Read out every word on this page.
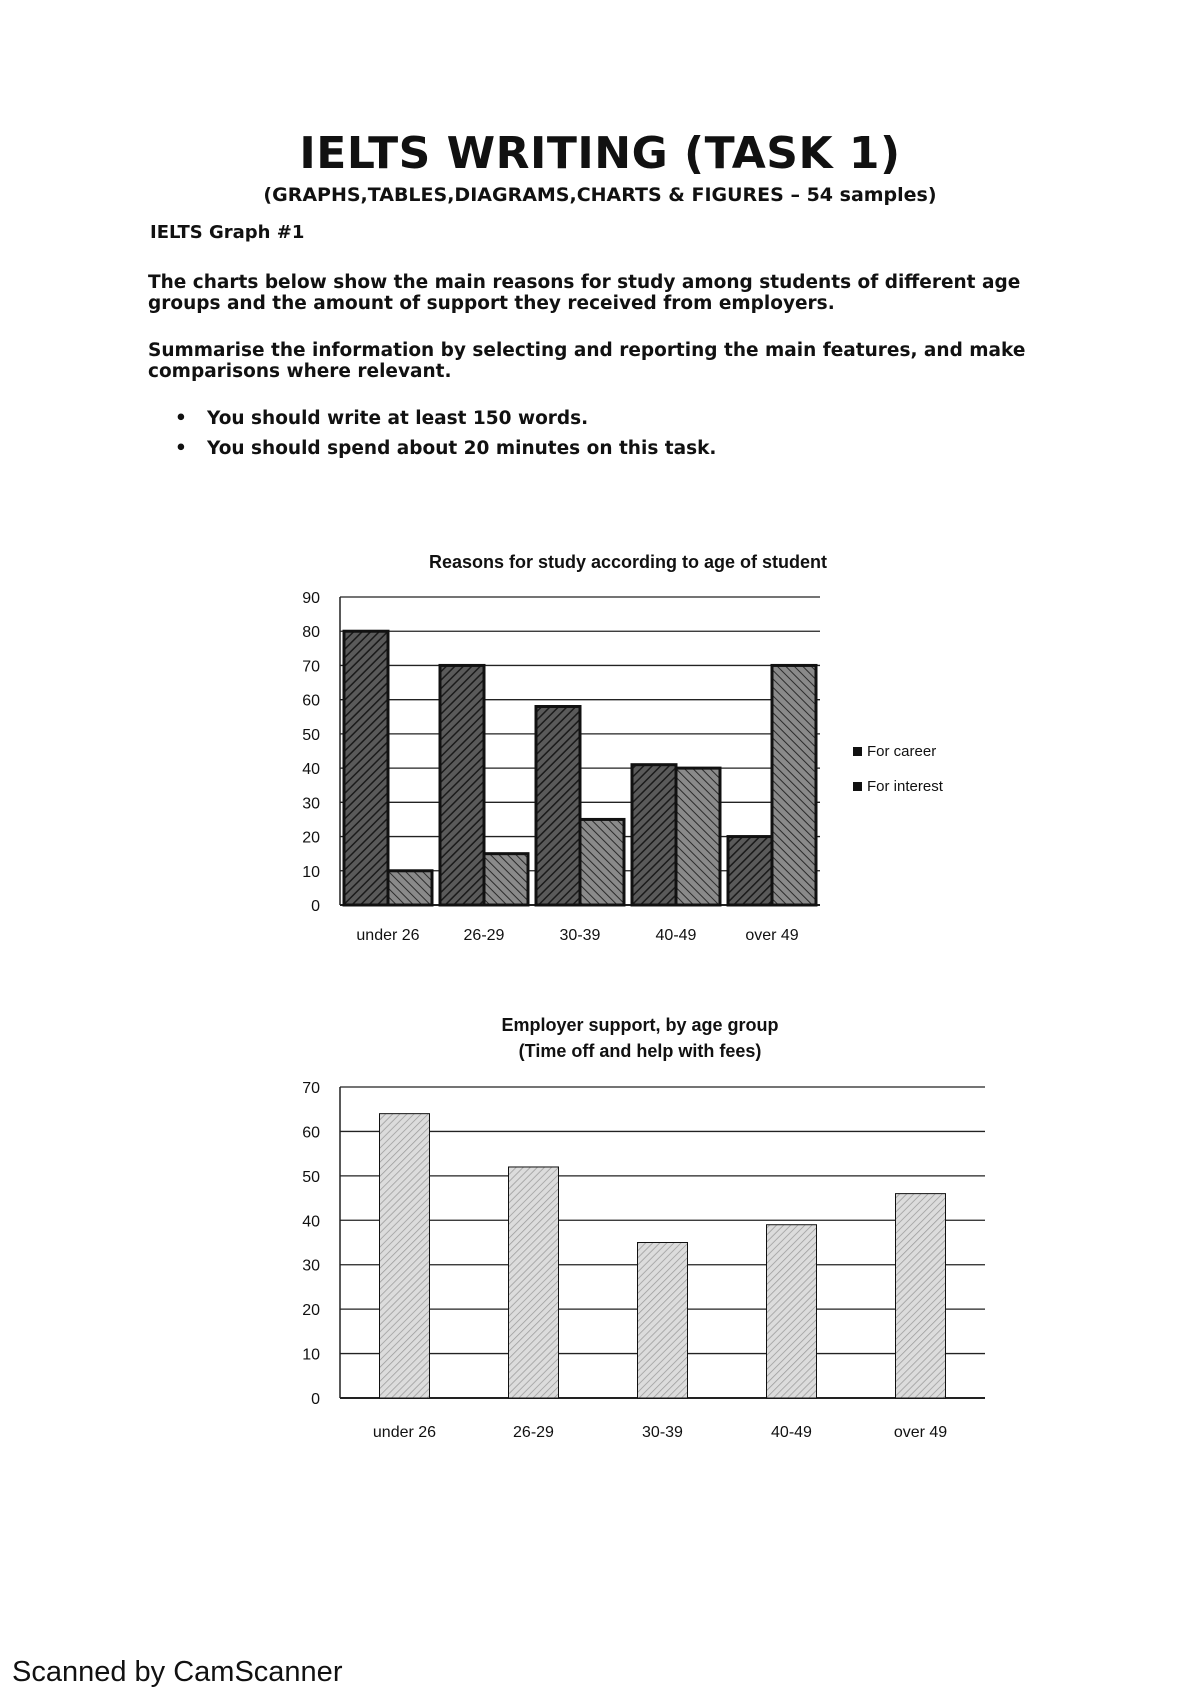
IELTS WRITING (TASK 1)

(GRAPHS,TABLES,DIAGRAMS,CHARTS & FIGURES – 54 samples)

IELTS Graph #1

The charts below show the main reasons for study among students of different age groups and the amount of support they received from employers.

Summarise the information by selecting and reporting the main features, and make comparisons where relevant.

• You should write at least 150 words.
• You should spend about 20 minutes on this task.
Reasons for study according to age of student
0
10
20
30
40
50
60
70
80
90
under 26	26-29	30-39	40-49	over 49
For career
For interest
Employer support, by age group
(Time off and help with fees)
0
10
20
30
40
50
60
70
under 26	26-29	30-39	40-49	over 49
Scanned by CamScanner
